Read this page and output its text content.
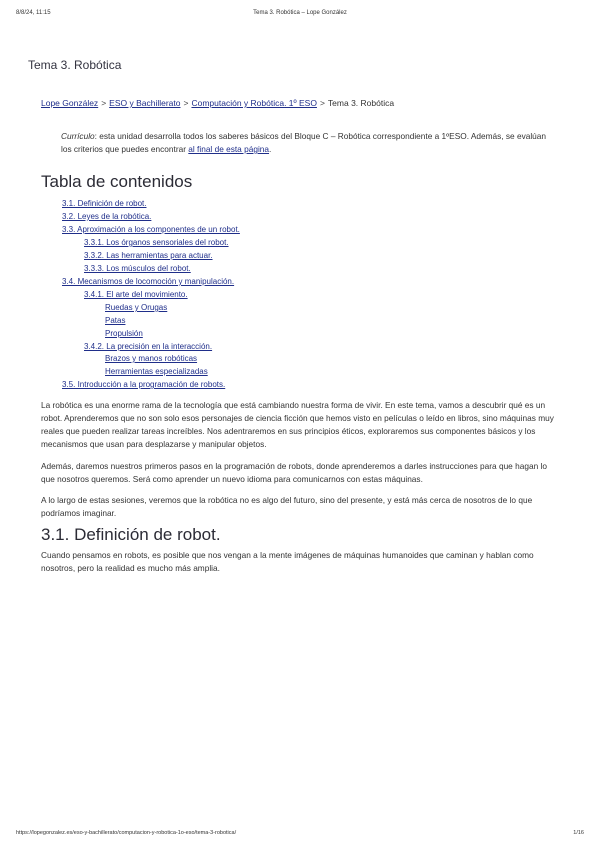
8/8/24, 11:15	Tema 3. Robótica – Lope González
Tema 3. Robótica
Lope González > ESO y Bachillerato > Computación y Robótica. 1º ESO > Tema 3. Robótica
Currículo: esta unidad desarrolla todos los saberes básicos del Bloque C – Robótica correspondiente a 1ºESO. Además, se evalúan los criterios que puedes encontrar al final de esta página.
Tabla de contenidos
3.1. Definición de robot.
3.2. Leyes de la robótica.
3.3. Aproximación a los componentes de un robot.
3.3.1. Los órganos sensoriales del robot.
3.3.2. Las herramientas para actuar.
3.3.3. Los músculos del robot.
3.4. Mecanismos de locomoción y manipulación.
3.4.1. El arte del movimiento.
Ruedas y Orugas
Patas
Propulsión
3.4.2. La precisión en la interacción.
Brazos y manos robóticas
Herramientas especializadas
3.5. Introducción a la programación de robots.

La robótica es una enorme rama de la tecnología que está cambiando nuestra forma de vivir. En este tema, vamos a descubrir qué es un robot. Aprenderemos que no son solo esos personajes de ciencia ficción que hemos visto en películas o leído en libros, sino máquinas muy reales que pueden realizar tareas increíbles. Nos adentraremos en sus principios éticos, exploraremos sus componentes básicos y los mecanismos que usan para desplazarse y manipular objetos.

Además, daremos nuestros primeros pasos en la programación de robots, donde aprenderemos a darles instrucciones para que hagan lo que nosotros queremos. Será como aprender un nuevo idioma para comunicarnos con estas máquinas.

A lo largo de estas sesiones, veremos que la robótica no es algo del futuro, sino del presente, y está más cerca de nosotros de lo que podríamos imaginar.

3.1. Definición de robot.

Cuando pensamos en robots, es posible que nos vengan a la mente imágenes de máquinas humanoides que caminan y hablan como nosotros, pero la realidad es mucho más amplia.

https://lopegonzalez.es/eso-y-bachillerato/computacion-y-robotica-1o-eso/tema-3-robotica/	1/16
